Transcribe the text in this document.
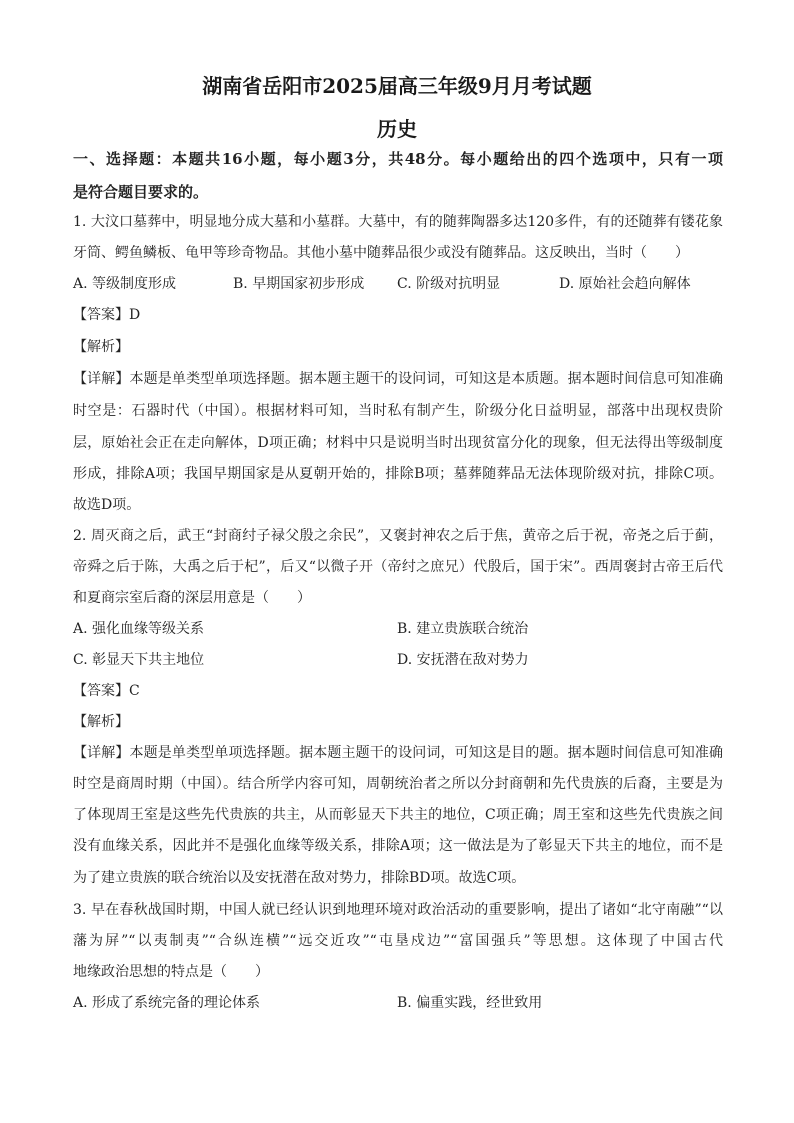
湖南省岳阳市2025届高三年级9月月考试题
历史
一、选择题：本题共16小题，每小题3分，共48分。每小题给出的四个选项中，只有一项
是符合题目要求的。
1. 大汶口墓葬中，明显地分成大墓和小墓群。大墓中，有的随葬陶器多达120多件，有的还随葬有镂花象
牙筒、鳄鱼鳞板、龟甲等珍奇物品。其他小墓中随葬品很少或没有随葬品。这反映出，当时（　　）
A. 等级制度形成	B. 早期国家初步形成 C. 阶级对抗明显	D. 原始社会趋向解体
【答案】D
【解析】
【详解】本题是单类型单项选择题。据本题主题干的设问词，可知这是本质题。据本题时间信息可知准确
时空是：石器时代（中国）。根据材料可知，当时私有制产生，阶级分化日益明显，部落中出现权贵阶
层，原始社会正在走向解体，D项正确；材料中只是说明当时出现贫富分化的现象，但无法得出等级制度
形成，排除A项；我国早期国家是从夏朝开始的，排除B项；墓葬随葬品无法体现阶级对抗，排除C项。
故选D项。
2. 周灭商之后，武王“封商纣子禄父殷之余民”，又褒封神农之后于焦，黄帝之后于祝，帝尧之后于蓟，
帝舜之后于陈，大禹之后于杞”，后又“以微子开（帝纣之庶兄）代殷后，国于宋”。西周褒封古帝王后代
和夏商宗室后裔的深层用意是（　　）
A. 强化血缘等级关系	B. 建立贵族联合统治
C. 彰显天下共主地位	D. 安抚潜在敌对势力
【答案】C
【解析】
【详解】本题是单类型单项选择题。据本题主题干的设问词，可知这是目的题。据本题时间信息可知准确
时空是商周时期（中国）。结合所学内容可知，周朝统治者之所以分封商朝和先代贵族的后裔，主要是为
了体现周王室是这些先代贵族的共主，从而彰显天下共主的地位，C项正确；周王室和这些先代贵族之间
没有血缘关系，因此并不是强化血缘等级关系，排除A项；这一做法是为了彰显天下共主的地位，而不是
为了建立贵族的联合统治以及安抚潜在敌对势力，排除BD项。故选C项。
3. 早在春秋战国时期，中国人就已经认识到地理环境对政治活动的重要影响，提出了诸如“北守南融”“以
藩为屏”“以夷制夷”“合纵连横”“远交近攻”“屯垦戍边”“富国强兵”等思想。这体现了中国古代
地缘政治思想的特点是（　　）
A. 形成了系统完备的理论体系	B. 偏重实践，经世致用
